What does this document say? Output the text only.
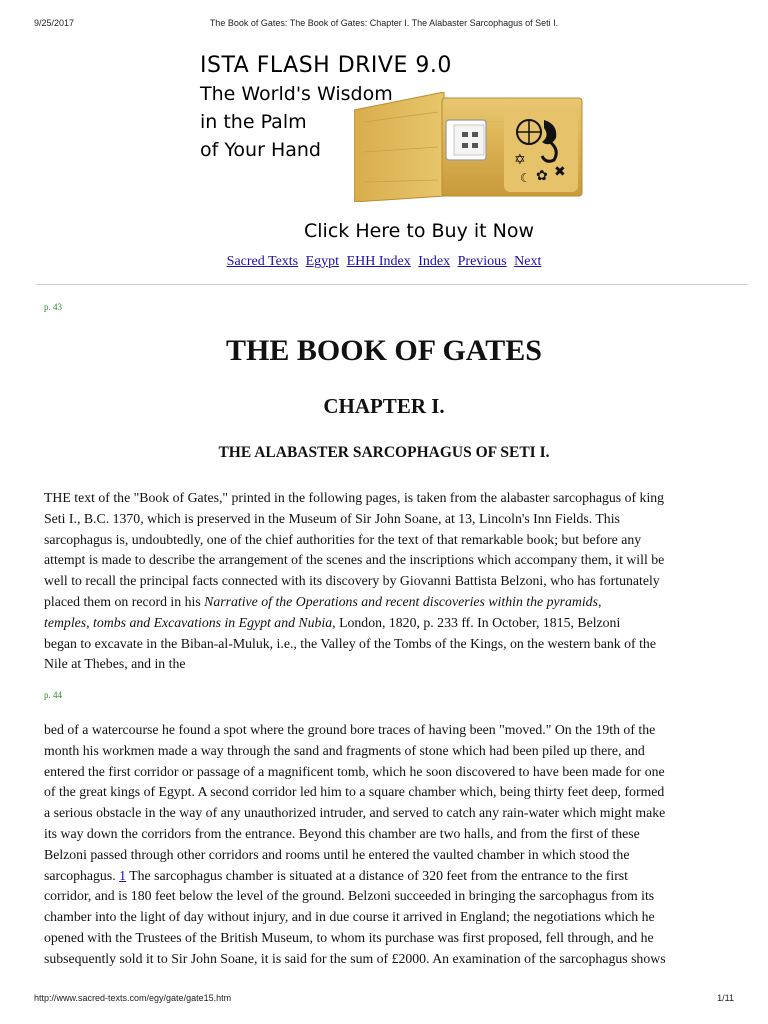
9/25/2017	The Book of Gates: The Book of Gates: Chapter I. The Alabaster Sarcophagus of Seti I.
ISTA FLASH DRIVE 9.0
The World's Wisdom
in the Palm
of Your Hand	✡
✿ ✖
☾
Click Here to Buy it Now
Sacred Texts Egypt EHH Index Index Previous Next
p. 43
THE BOOK OF GATES
CHAPTER I.
THE ALABASTER SARCOPHAGUS OF SETI I.

THE text of the "Book of Gates," printed in the following pages, is taken from the alabaster sarcophagus of king
Seti I., B.C. 1370, which is preserved in the Museum of Sir John Soane, at 13, Lincoln's Inn Fields. This
sarcophagus is, undoubtedly, one of the chief authorities for the text of that remarkable book; but before any
attempt is made to describe the arrangement of the scenes and the inscriptions which accompany them, it will be
well to recall the principal facts connected with its discovery by Giovanni Battista Belzoni, who has fortunately
placed them on record in his Narrative of the Operations and recent discoveries within the pyramids,
temples, tombs and Excavations in Egypt and Nubia, London, 1820, p. 233 ff. In October, 1815, Belzoni
began to excavate in the Biban-al-Muluk, i.e., the Valley of the Tombs of the Kings, on the western bank of the
Nile at Thebes, and in the

p. 44

bed of a watercourse he found a spot where the ground bore traces of having been "moved." On the 19th of the
month his workmen made a way through the sand and fragments of stone which had been piled up there, and
entered the first corridor or passage of a magnificent tomb, which he soon discovered to have been made for one
of the great kings of Egypt. A second corridor led him to a square chamber which, being thirty feet deep, formed
a serious obstacle in the way of any unauthorized intruder, and served to catch any rain-water which might make
its way down the corridors from the entrance. Beyond this chamber are two halls, and from the first of these
Belzoni passed through other corridors and rooms until he entered the vaulted chamber in which stood the
sarcophagus. 1 The sarcophagus chamber is situated at a distance of 320 feet from the entrance to the first
corridor, and is 180 feet below the level of the ground. Belzoni succeeded in bringing the sarcophagus from its
chamber into the light of day without injury, and in due course it arrived in England; the negotiations which he
opened with the Trustees of the British Museum, to whom its purchase was first proposed, fell through, and he
subsequently sold it to Sir John Soane, it is said for the sum of £2000. An examination of the sarcophagus shows

http://www.sacred-texts.com/egy/gate/gate15.htm	1/11
